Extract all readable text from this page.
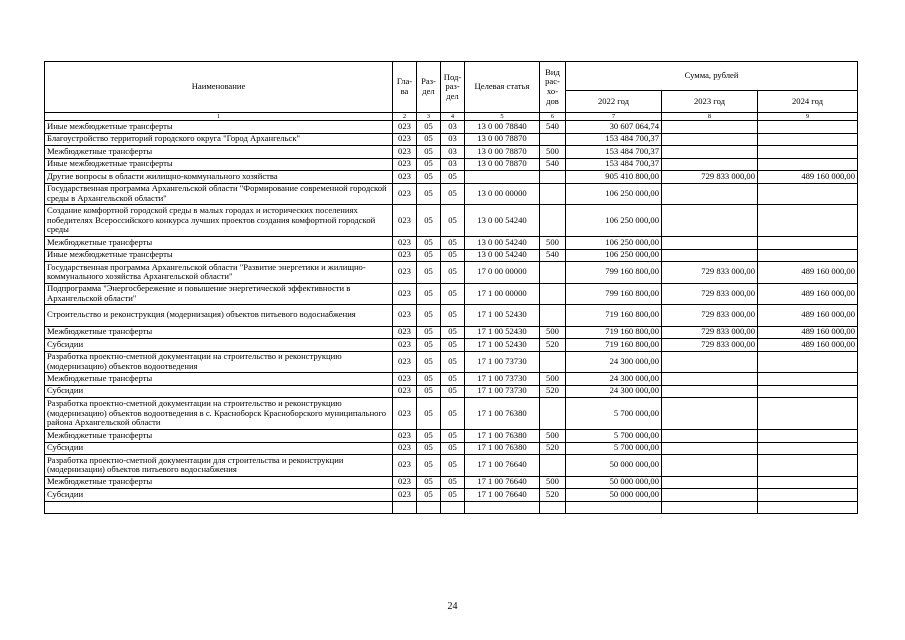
Наименование	Гла-ва	Раз-дел	Под-раз-дел	Целевая статья	Вид рас-хо-дов	Сумма, рублей		
						2022 год	2023 год	2024 год
1	2	3	4	5	6	7	8	9
Иные межбюджетные трансферты	023	05	03	13 0 00 78840	540	30 607 064,74		
Благоустройство территорий городского округа "Город Архангельск"	023	05	03	13 0 00 78870		153 484 700,37		
Межбюджетные трансферты	023	05	03	13 0 00 78870	500	153 484 700,37		
Иные межбюджетные трансферты	023	05	03	13 0 00 78870	540	153 484 700,37		
Другие вопросы в области жилищно-коммунального хозяйства	023	05	05			905 410 800,00	729 833 000,00	489 160 000,00
Государственная программа Архангельской области "Формирование современной городской среды в Архангельской области"	023	05	05	13 0 00 00000		106 250 000,00		
Создание комфортной городской среды в малых городах и исторических поселениях победителях Всероссийского конкурса лучших проектов создания комфортной городской среды	023	05	05	13 0 00 54240		106 250 000,00		
Межбюджетные трансферты	023	05	05	13 0 00 54240	500	106 250 000,00		
Иные межбюджетные трансферты	023	05	05	13 0 00 54240	540	106 250 000,00		
Государственная программа Архангельской области "Развитие энергетики и жилищно-коммунального хозяйства Архангельской области"	023	05	05	17 0 00 00000		799 160 800,00	729 833 000,00	489 160 000,00
Подпрограмма "Энергосбережение и повышение энергетической эффективности в Архангельской области"	023	05	05	17 1 00 00000		799 160 800,00	729 833 000,00	489 160 000,00
Строительство и реконструкция (модернизация) объектов питьевого водоснабжения	023	05	05	17 1 00 52430		719 160 800,00	729 833 000,00	489 160 000,00
Межбюджетные трансферты	023	05	05	17 1 00 52430	500	719 160 800,00	729 833 000,00	489 160 000,00
Субсидии	023	05	05	17 1 00 52430	520	719 160 800,00	729 833 000,00	489 160 000,00
Разработка проектно-сметной документации на строительство и реконструкцию (модернизацию) объектов водоотведения	023	05	05	17 1 00 73730		24 300 000,00		
Межбюджетные трансферты	023	05	05	17 1 00 73730	500	24 300 000,00		
Субсидии	023	05	05	17 1 00 73730	520	24 300 000,00		
Разработка проектно-сметной документации на строительство и реконструкцию (модернизацию) объектов водоотведения в с. Красноборск Красноборского муниципального района Архангельской области	023	05	05	17 1 00 76380		5 700 000,00		
Межбюджетные трансферты	023	05	05	17 1 00 76380	500	5 700 000,00		
Субсидии	023	05	05	17 1 00 76380	520	5 700 000,00		
Разработка проектно-сметной документации для строительства и реконструкции (модернизации) объектов питьевого водоснабжения	023	05	05	17 1 00 76640		50 000 000,00		
Межбюджетные трансферты	023	05	05	17 1 00 76640	500	50 000 000,00		
Субсидии	023	05	05	17 1 00 76640	520	50 000 000,00		

24
